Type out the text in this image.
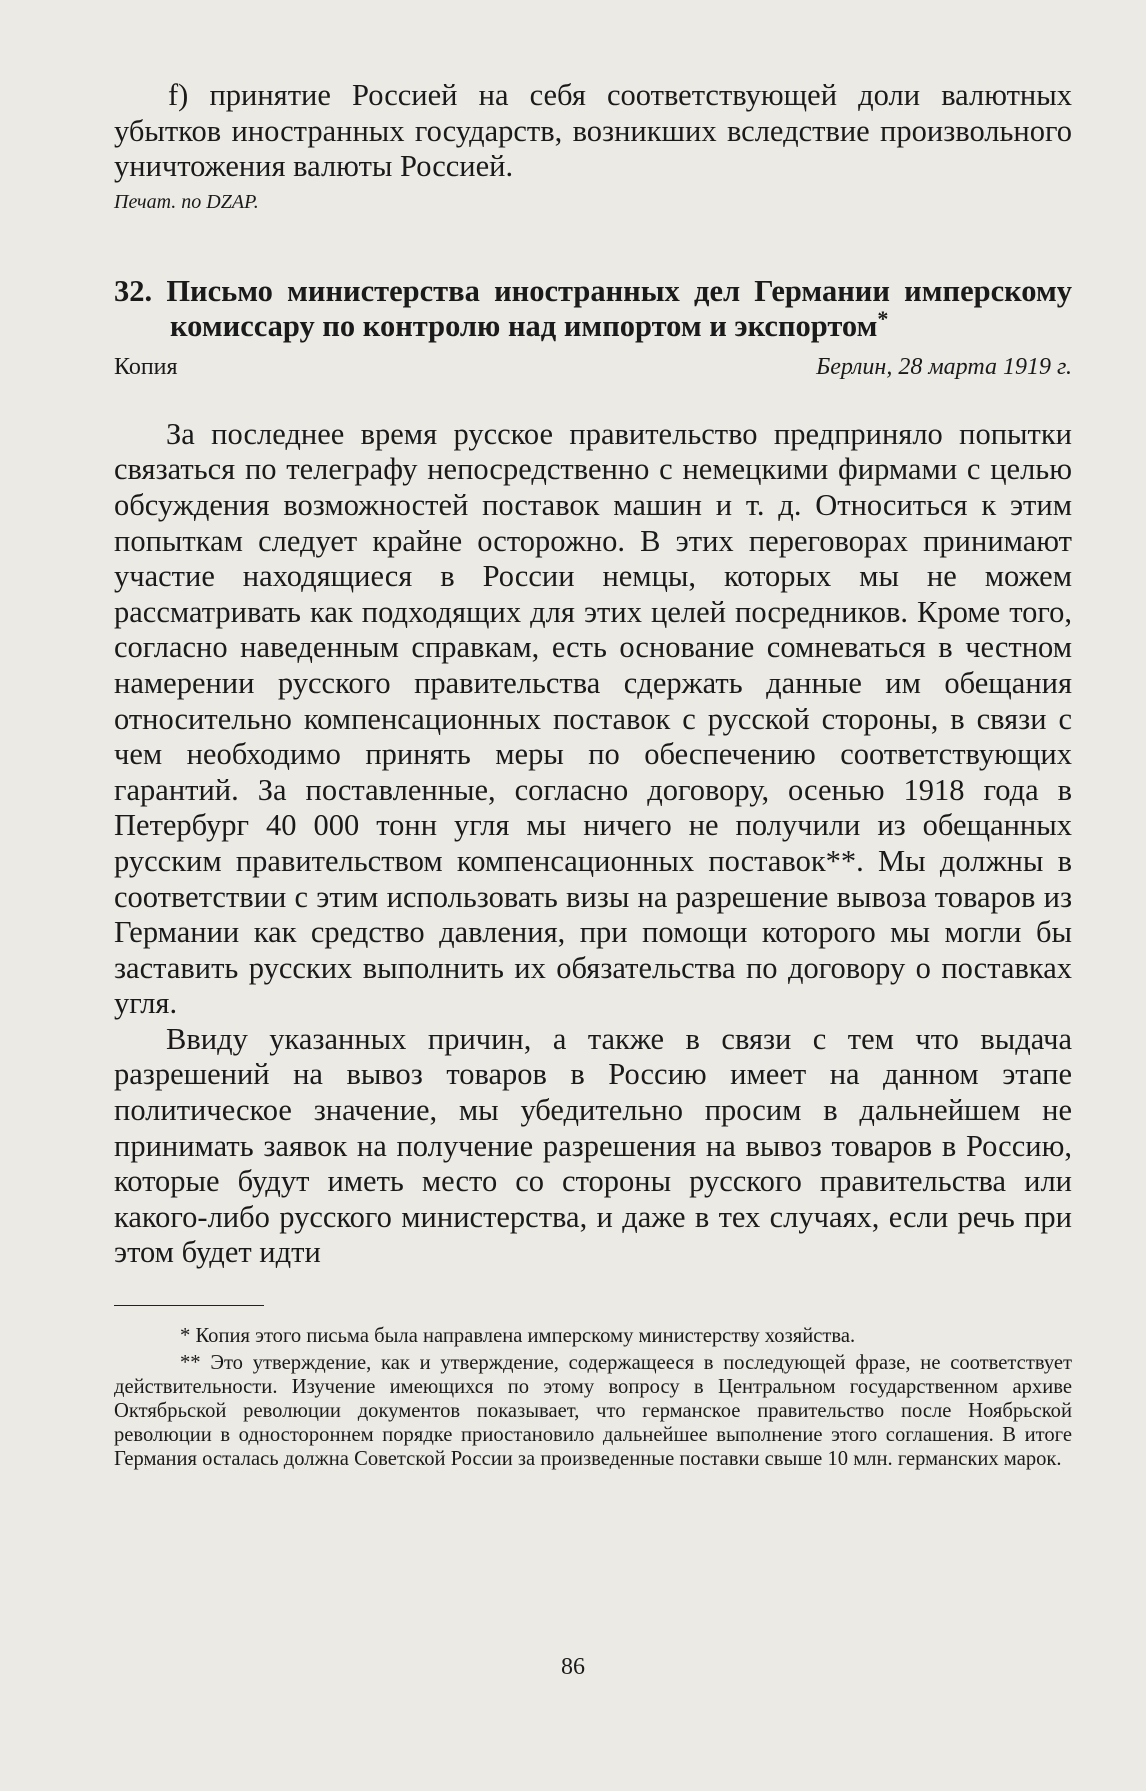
f) принятие Россией на себя соответствующей доли валютных убытков иностранных государств, возникших вследствие произвольного уничтожения валюты Россией.

Печат. по DZAP.

32. Письмо министерства иностранных дел Германии имперскому комиссару по контролю над импортом и экспортом*
Копия	Берлин, 28 марта 1919 г.

За последнее время русское правительство предприняло попытки связаться по телеграфу непосредственно с немецкими фирмами с целью обсуждения возможностей поставок машин и т. д. Относиться к этим попыткам следует крайне осторожно. В этих переговорах принимают участие находящиеся в России немцы, которых мы не можем рассматривать как подходящих для этих целей посредников. Кроме того, согласно наведенным справкам, есть основание сомневаться в честном намерении русского правительства сдержать данные им обещания относительно компенсационных поставок с русской стороны, в связи с чем необходимо принять меры по обеспечению соответствующих гарантий. За поставленные, согласно договору, осенью 1918 года в Петербург 40 000 тонн угля мы ничего не получили из обещанных русским правительством компенсационных поставок**. Мы должны в соответствии с этим использовать визы на разрешение вывоза товаров из Германии как средство давления, при помощи которого мы могли бы заставить русских выполнить их обязательства по договору о поставках угля.

Ввиду указанных причин, а также в связи с тем что выдача разрешений на вывоз товаров в Россию имеет на данном этапе политическое значение, мы убедительно просим в дальнейшем не принимать заявок на получение разрешения на вывоз товаров в Россию, которые будут иметь место со стороны русского правительства или какого-либо русского министерства, и даже в тех случаях, если речь при этом будет идти

* Копия этого письма была направлена имперскому министерству хозяйства.

** Это утверждение, как и утверждение, содержащееся в последующей фразе, не соответствует действительности. Изучение имеющихся по этому вопросу в Центральном государственном архиве Октябрьской революции документов показывает, что германское правительство после Ноябрьской революции в одностороннем порядке приостановило дальнейшее выполнение этого соглашения. В итоге Германия осталась должна Советской России за произведенные поставки свыше 10 млн. германских марок.

86
